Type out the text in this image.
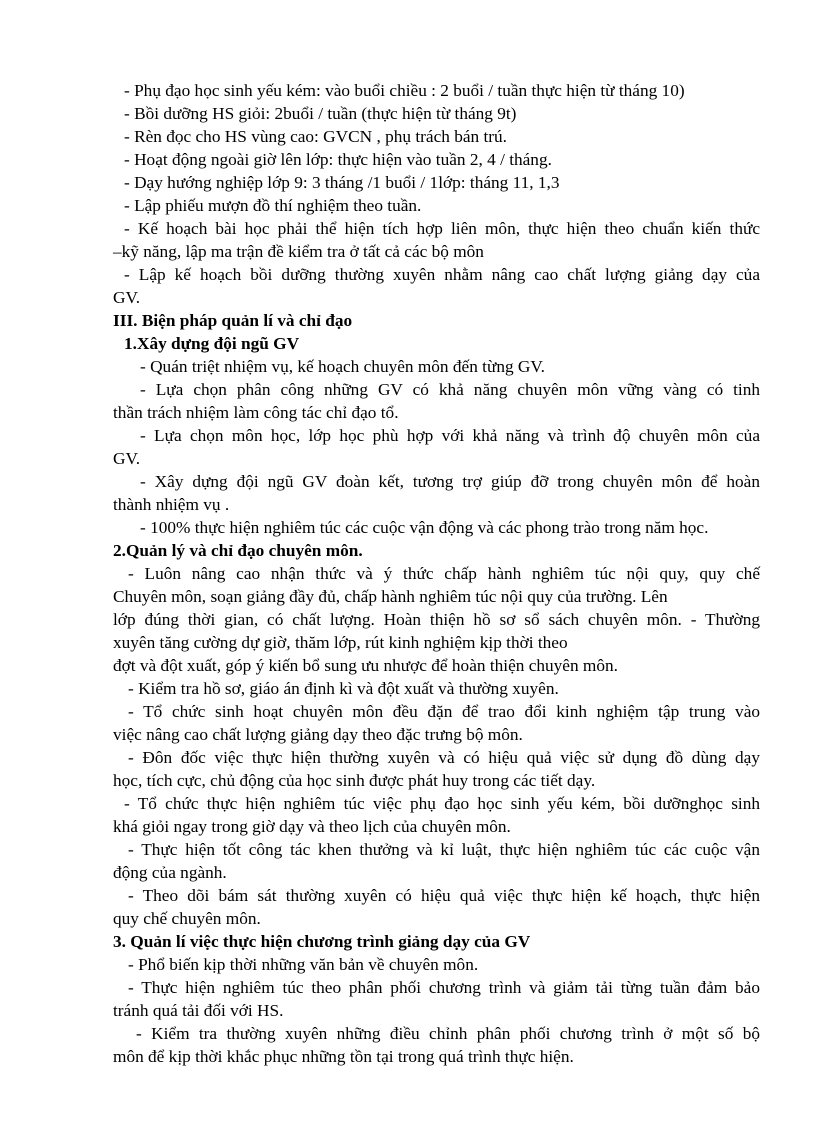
- Phụ đạo học sinh yếu kém: vào buổi chiều : 2 buổi / tuần thực hiện từ tháng 10)
- Bồi dưỡng HS giỏi: 2buổi / tuần (thực hiện từ tháng 9t)
- Rèn đọc cho HS vùng cao: GVCN , phụ trách bán trú.
- Hoạt động ngoài giờ lên lớp: thực hiện vào tuần 2, 4 / tháng.
- Dạy hướng nghiệp lớp 9: 3 tháng /1 buổi / 1lớp: tháng 11, 1,3
- Lập phiếu mượn đồ thí nghiệm theo tuần.
- Kế hoạch bài học phải thể hiện tích hợp liên môn, thực hiện theo chuẩn kiến thức
–kỹ năng, lập ma trận đề kiểm tra ở tất cả các bộ môn
- Lập kế hoạch bồi dưỡng thường xuyên nhằm nâng cao chất lượng giảng dạy của
GV.
III. Biện pháp quản lí và chỉ đạo
1.Xây dựng đội ngũ GV
- Quán triệt nhiệm vụ, kế hoạch chuyên môn đến từng GV.
- Lựa chọn phân công những GV có khả năng chuyên môn vững vàng có tinh
thần trách nhiệm làm công tác chỉ đạo tổ.
- Lựa chọn môn học, lớp học phù hợp với khả năng và trình độ chuyên môn của
GV.
- Xây dựng đội ngũ GV đoàn kết, tương trợ giúp đỡ trong chuyên môn để hoàn
thành nhiệm vụ .
- 100% thực hiện nghiêm túc các cuộc vận động và các phong trào trong năm học.
2.Quản lý và chỉ đạo chuyên môn.
- Luôn nâng cao nhận thức và ý thức chấp hành nghiêm túc nội quy, quy chế
Chuyên môn, soạn giảng đầy đủ, chấp hành nghiêm túc nội quy của trường. Lên
lớp đúng thời gian, có chất lượng. Hoàn thiện hồ sơ sổ sách chuyên môn. - Thường
xuyên tăng cường dự giờ, thăm lớp, rút kinh nghiệm kịp thời theo
đợt và đột xuất, góp ý kiến bổ sung ưu nhược để hoàn thiện chuyên môn.
- Kiểm tra hồ sơ, giáo án định kì và đột xuất và thường xuyên.
- Tổ chức sinh hoạt chuyên môn đều đặn để trao đổi kinh nghiệm tập trung vào
việc nâng cao chất lượng giảng dạy theo đặc trưng bộ môn.
- Đôn đốc việc thực hiện thường xuyên và có hiệu quả việc sử dụng đồ dùng dạy
học, tích cực, chủ động của học sinh được phát huy trong các tiết dạy.
- Tổ chức thực hiện nghiêm túc việc phụ đạo học sinh yếu kém, bồi dưỡnghọc sinh
khá giỏi ngay trong giờ dạy và theo lịch của chuyên môn.
- Thực hiện tốt công tác khen thưởng và kỉ luật, thực hiện nghiêm túc các cuộc vận
động của ngành.
- Theo dõi bám sát thường xuyên có hiệu quả việc thực hiện kế hoạch, thực hiện
quy chế chuyên môn.
3. Quản lí việc thực hiện chương trình giảng dạy của GV
- Phổ biến kịp thời những văn bản về chuyên môn.
- Thực hiện nghiêm túc theo phân phối chương trình và giảm tải từng tuần đảm bảo
tránh quá tải đối với HS.
- Kiểm tra thường xuyên những điều chỉnh phân phối chương trình ở một số bộ
môn để kịp thời khắc phục những tồn tại trong quá trình thực hiện.
